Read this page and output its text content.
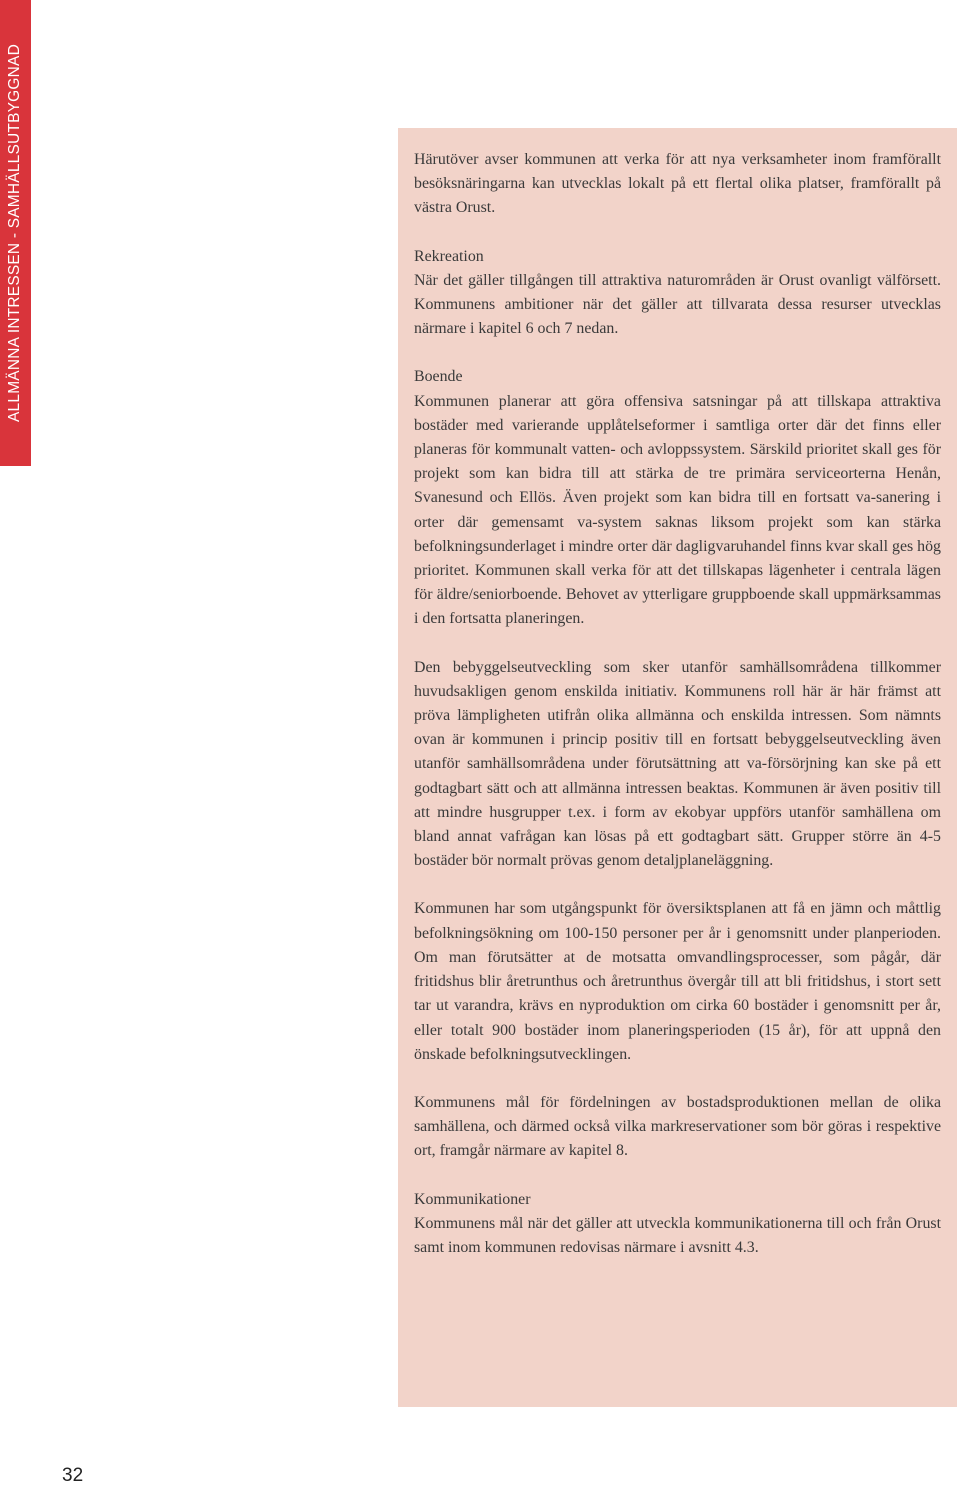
ALLMÄNNA INTRESSEN - SAMHÄLLSUTBYGGNAD	Härutöver avser kommunen att verka för att nya verksamheter inom framförallt besöksnäringarna kan utvecklas lokalt på ett flertal olika platser, framförallt på västra Orust.

Rekreation
När det gäller tillgången till attraktiva naturområden är Orust ovanligt välförsett. Kommunens ambitioner när det gäller att tillvarata dessa resurser utvecklas närmare i kapitel 6 och 7 nedan.

Boende
Kommunen planerar att göra offensiva satsningar på att tillskapa attraktiva bostäder med varierande upplåtelseformer i samtliga orter där det finns eller planeras för kommunalt vatten- och avloppssystem. Särskild prioritet skall ges för projekt som kan bidra till att stärka de tre primära serviceorterna Henån, Svanesund och Ellös. Även projekt som kan bidra till en fortsatt va-sanering i orter där gemensamt va-system saknas liksom projekt som kan stärka befolkningsunderlaget i mindre orter där dagligvaruhandel finns kvar skall ges hög prioritet. Kommunen skall verka för att det tillskapas lägenheter i centrala lägen för äldre/seniorboende. Behovet av ytterligare gruppboende skall uppmärksammas i den fortsatta planeringen.

Den bebyggelseutveckling som sker utanför samhällsområdena tillkommer huvudsakligen genom enskilda initiativ. Kommunens roll här är här främst att pröva lämpligheten utifrån olika allmänna och enskilda intressen. Som nämnts ovan är kommunen i princip positiv till en fortsatt bebyggelseutveckling även utanför samhällsområdena under förutsättning att va-försörjning kan ske på ett godtagbart sätt och att allmänna intressen beaktas. Kommunen är även positiv till att mindre husgrupper t.ex. i form av ekobyar uppförs utanför samhällena om bland annat vafrågan kan lösas på ett godtagbart sätt. Grupper större än 4-5 bostäder bör normalt prövas genom detaljplaneläggning.

Kommunen har som utgångspunkt för översiktsplanen att få en jämn och måttlig befolkningsökning om 100-150 personer per år i genomsnitt under planperioden. Om man förutsätter at de motsatta omvandlingsprocesser, som pågår, där fritidshus blir åretrunthus och åretrunthus övergår till att bli fritidshus, i stort sett tar ut varandra, krävs en nyproduktion om cirka 60 bostäder i genomsnitt per år, eller totalt 900 bostäder inom planeringsperioden (15 år), för att uppnå den önskade befolkningsutvecklingen.

Kommunens mål för fördelningen av bostadsproduktionen mellan de olika samhällena, och därmed också vilka markreservationer som bör göras i respektive ort, framgår närmare av kapitel 8.

Kommunikationer
Kommunens mål när det gäller att utveckla kommunikationerna till och från Orust samt inom kommunen redovisas närmare i avsnitt 4.3.

32
